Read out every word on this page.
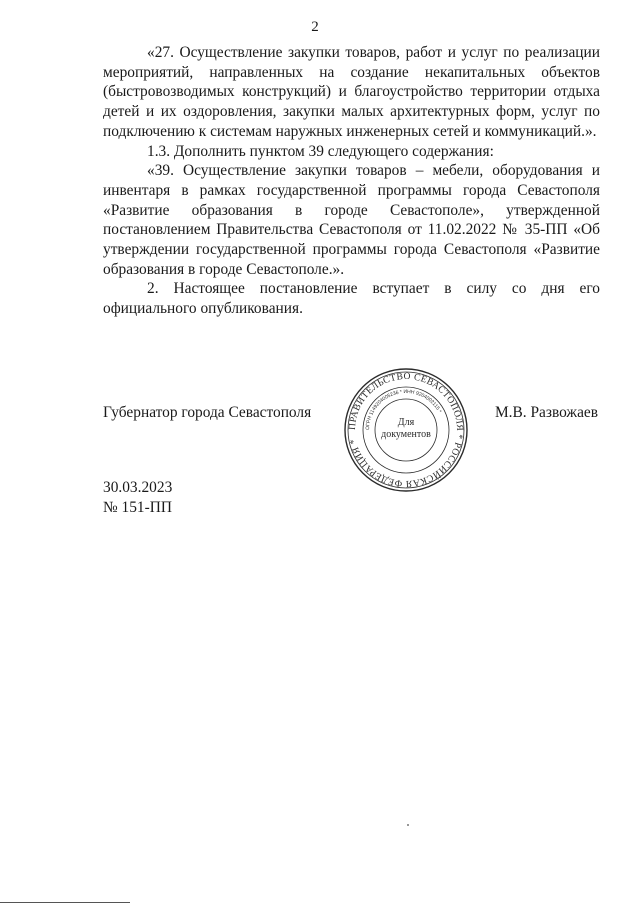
2

«27. Осуществление закупки товаров, работ и услуг по реализации мероприятий, направленных на создание некапитальных объектов (быстровозводимых конструкций) и благоустройство территории отдыха детей и их оздоровления, закупки малых архитектурных форм, услуг по подключению к системам наружных инженерных сетей и коммуникаций.».

1.3. Дополнить пунктом 39 следующего содержания:

«39. Осуществление закупки товаров – мебели, оборудования и инвентаря в рамках государственной программы города Севастополя «Развитие образования в городе Севастополе», утвержденной постановлением Правительства Севастополя от 11.02.2022 № 35-ПП «Об утверждении государственной программы города Севастополя «Развитие образования в городе Севастополе.».

2. Настоящее постановление вступает в силу со дня его официального опубликования.

Губернатор города Севастополя
ПРАВИТЕЛЬСТВО СЕВАСТОПОЛЯ * РОССИЙСКАЯ ФЕДЕРАЦИЯ *
ОГРН 1149204005236 * ИНН 9204002115 *
Для
документов
М.В. Развожаев
30.03.2023
№ 151-ПП
